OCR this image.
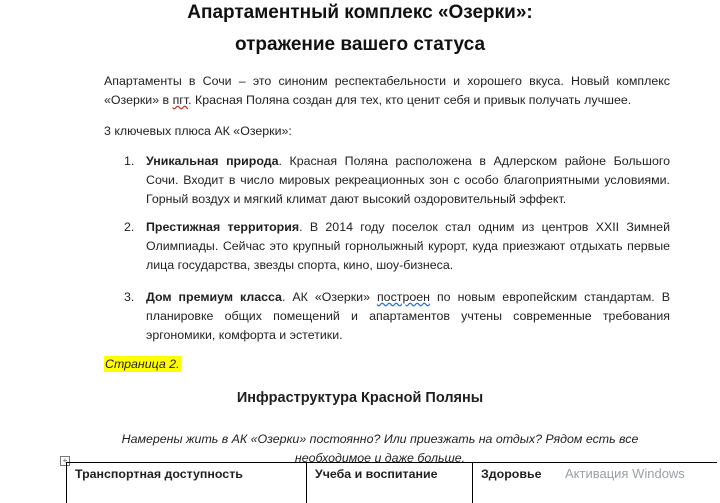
Апартаментный комплекс «Озерки»:
отражение вашего статуса
Апартаменты в Сочи – это синоним респектабельности и хорошего вкуса. Новый комплекс «Озерки» в пгт. Красная Поляна создан для тех, кто ценит себя и привык получать лучшее.
3 ключевых плюса АК «Озерки»:
1. Уникальная природа. Красная Поляна расположена в Адлерском районе Большого Сочи. Входит в число мировых рекреационных зон с особо благоприятными условиями. Горный воздух и мягкий климат дают высокий оздоровительный эффект.
2. Престижная территория. В 2014 году поселок стал одним из центров XXII Зимней Олимпиады. Сейчас это крупный горнолыжный курорт, куда приезжают отдыхать первые лица государства, звезды спорта, кино, шоу-бизнеса.
3. Дом премиум класса. АК «Озерки» построен по новым европейским стандартам. В планировке общих помещений и апартаментов учтены современные требования эргономики, комфорта и эстетики.
Страница 2.
Инфраструктура Красной Поляны
Намерены жить в АК «Озерки» постоянно? Или приезжать на отдых? Рядом есть все необходимое и даже больше.
+
Транспортная доступность	Учеба и воспитание	Здоровье	Активация Windows
